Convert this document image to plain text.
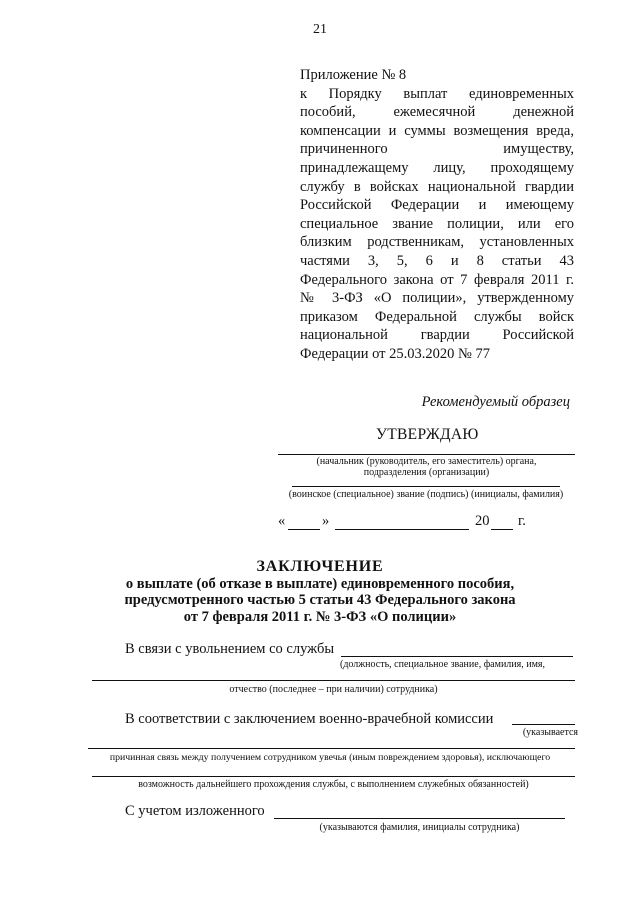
21
Приложение № 8
к Порядку выплат единовременных
пособий, ежемесячной денежной
компенсации и суммы возмещения вреда,
причиненного имуществу,
принадлежащему лицу, проходящему
службу в войсках национальной гвардии
Российской Федерации и имеющему
специальное звание полиции, или его
близким родственникам, установленных
частями 3, 5, 6 и 8 статьи 43
Федерального закона от 7 февраля 2011 г.
№ 3-ФЗ «О полиции», утвержденному
приказом Федеральной службы войск
национальной гвардии Российской
Федерации от 25.03.2020 № 77
Рекомендуемый образец
УТВЕРЖДАЮ
(начальник (руководитель, его заместитель) органа,
подразделения (организации)
(воинское (специальное) звание (подпись) (инициалы, фамилия)
«	»	20 г.
ЗАКЛЮЧЕНИЕ
о выплате (об отказе в выплате) единовременного пособия,
предусмотренного частью 5 статьи 43 Федерального закона
от 7 февраля 2011 г. № 3-ФЗ «О полиции»
В связи с увольнением со службы
(должность, специальное звание, фамилия, имя,
отчество (последнее – при наличии) сотрудника)
В соответствии с заключением военно-врачебной комиссии
(указывается
причинная связь между получением сотрудником увечья (иным повреждением здоровья), исключающего
возможность дальнейшего прохождения службы, с выполнением служебных обязанностей)
С учетом изложенного
(указываются фамилия, инициалы сотрудника)
